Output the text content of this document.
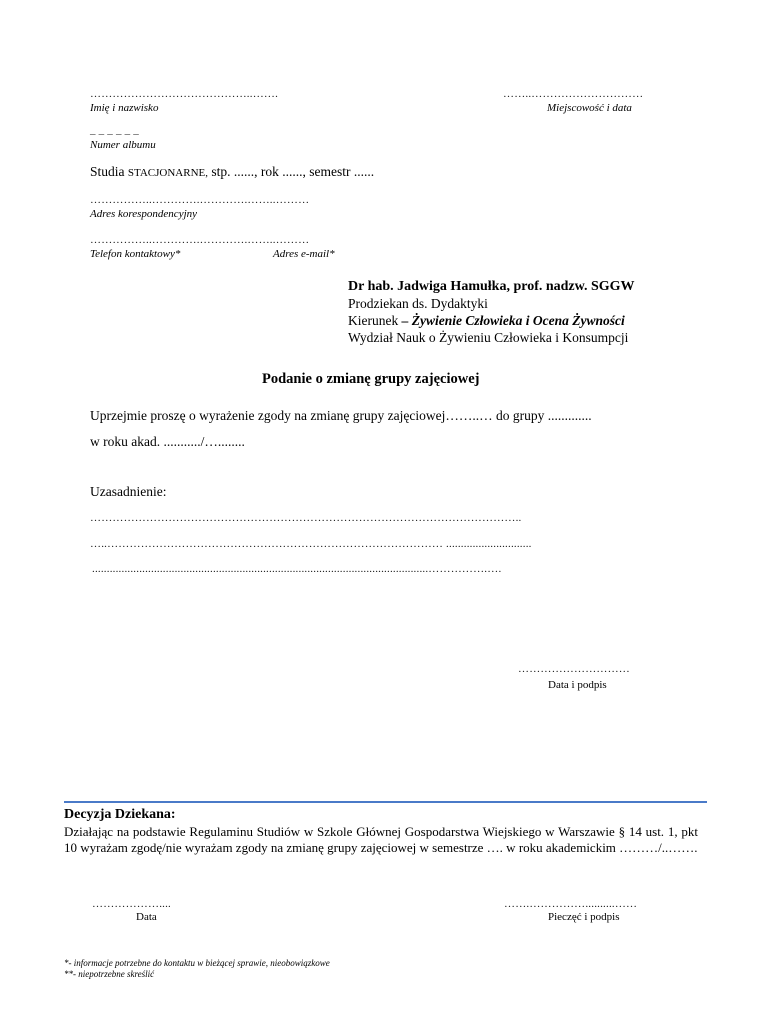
……………………………………..…….
Imię i nazwisko
_ _ _ _ _ _
Numer albumu
Studia STACJONARNE, stp. ......, rok ......, semestr ......
……………..………….………….……..………
Adres korespondencyjny
……………..………….………….……..………
Telefon kontaktowy*	Adres e-mail*
……..…………………………
Miejscowość i data
Dr hab. Jadwiga Hamułka, prof. nadzw. SGGW
Prodziekan ds. Dydaktyki
Kierunek – Żywienie Człowieka i Ocena Żywności
Wydział Nauk o Żywieniu Człowieka i Konsumpcji
Podanie o zmianę grupy zajęciowej
Uprzejmie proszę o wyrażenie zgody na zmianę grupy zajęciowej……..… do grupy .............
w roku akad. .........../…........
Uzasadnienie:
……………………………………………………………………………………………………..
…..……………………………………………………………………………… .............................
..................................................................................................................…………….….
…………………………
Data i podpis
Decyzja Dziekana:
Działając na podstawie Regulaminu Studiów w Szkole Głównej Gospodarstwa Wiejskiego w Warszawie § 14 ust. 1, pkt 10 wyrażam zgodę/nie wyrażam zgody na zmianę grupy zajęciowej w semestrze …. w roku akademickim ………/..…….
………………....
Data
…….……………..........……
Pieczęć i podpis
*- informacje potrzebne do kontaktu w bieżącej sprawie, nieobowiązkowe
**- niepotrzebne skreślić
